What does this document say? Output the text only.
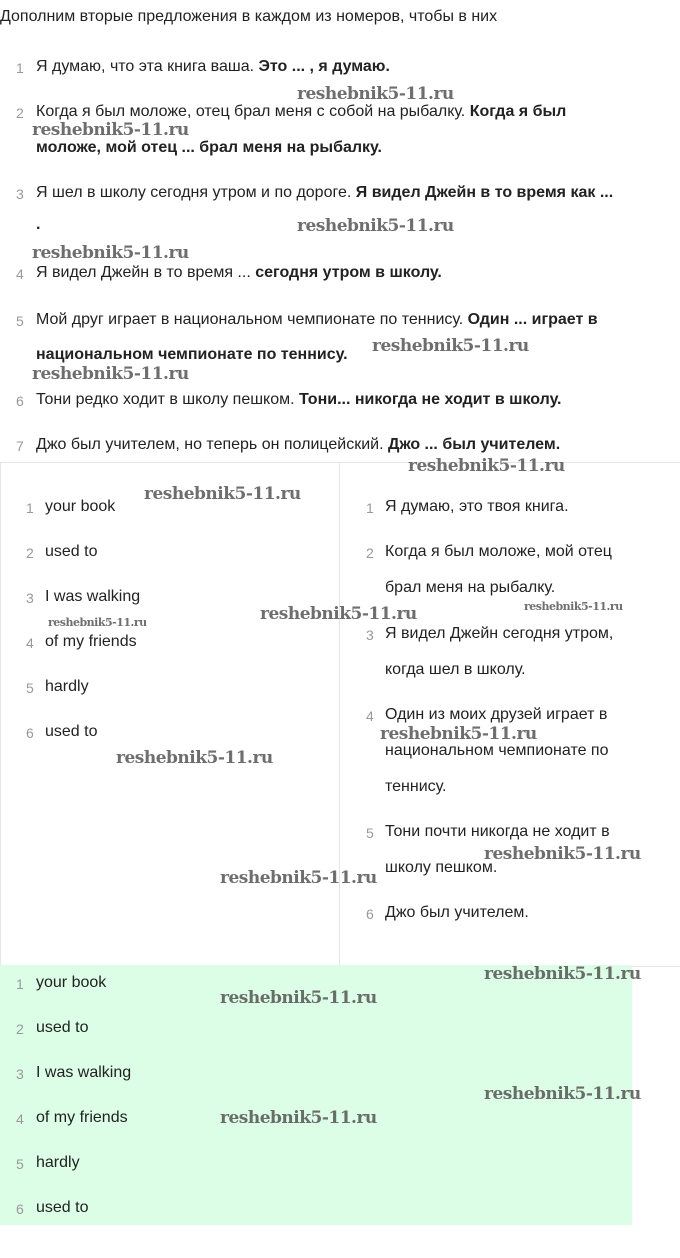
Дополним вторые предложения в каждом из номеров, чтобы в них
1 Я думаю, что эта книга ваша. Это ... , я думаю.
2 Когда я был моложе, отец брал меня с собой на рыбалку. Когда я был
моложе, мой отец ... брал меня на рыбалку.
3 Я шел в школу сегодня утром и по дороге. Я видел Джейн в то время как ...
.
4 Я видел Джейн в то время ... сегодня утром в школу.
5 Мой друг играет в национальном чемпионате по теннису. Один ... играет в
национальном чемпионате по теннису.
6 Тони редко ходит в школу пешком. Тони... никогда не ходит в школу.
7 Джо был учителем, но теперь он полицейский. Джо ... был учителем.
1 your book
2 used to
3 I was walking
4 of my friends
5 hardly
6 used to
1 Я думаю, это твоя книга.
2 Когда я был моложе, мой отец
брал меня на рыбалку.
3 Я видел Джейн сегодня утром,
когда шел в школу.
4 Один из моих друзей играет в
национальном чемпионате по
теннису.
5 Тони почти никогда не ходит в
школу пешком.
6 Джо был учителем.
1 your book
2 used to
3 I was walking
4 of my friends
5 hardly
6 used to
reshebnik5-11.ru
reshebnik5-11.ru
reshebnik5-11.ru
reshebnik5-11.ru
reshebnik5-11.ru
reshebnik5-11.ru
reshebnik5-11.ru
reshebnik5-11.ru
reshebnik5-11.ru	reshebnik5-11.ru
reshebnik5-11.ru
reshebnik5-11.ru
reshebnik5-11.ru
reshebnik5-11.ru
reshebnik5-11.ru
reshebnik5-11.ru
reshebnik5-11.ru
reshebnik5-11.ru
reshebnik5-11.ru
